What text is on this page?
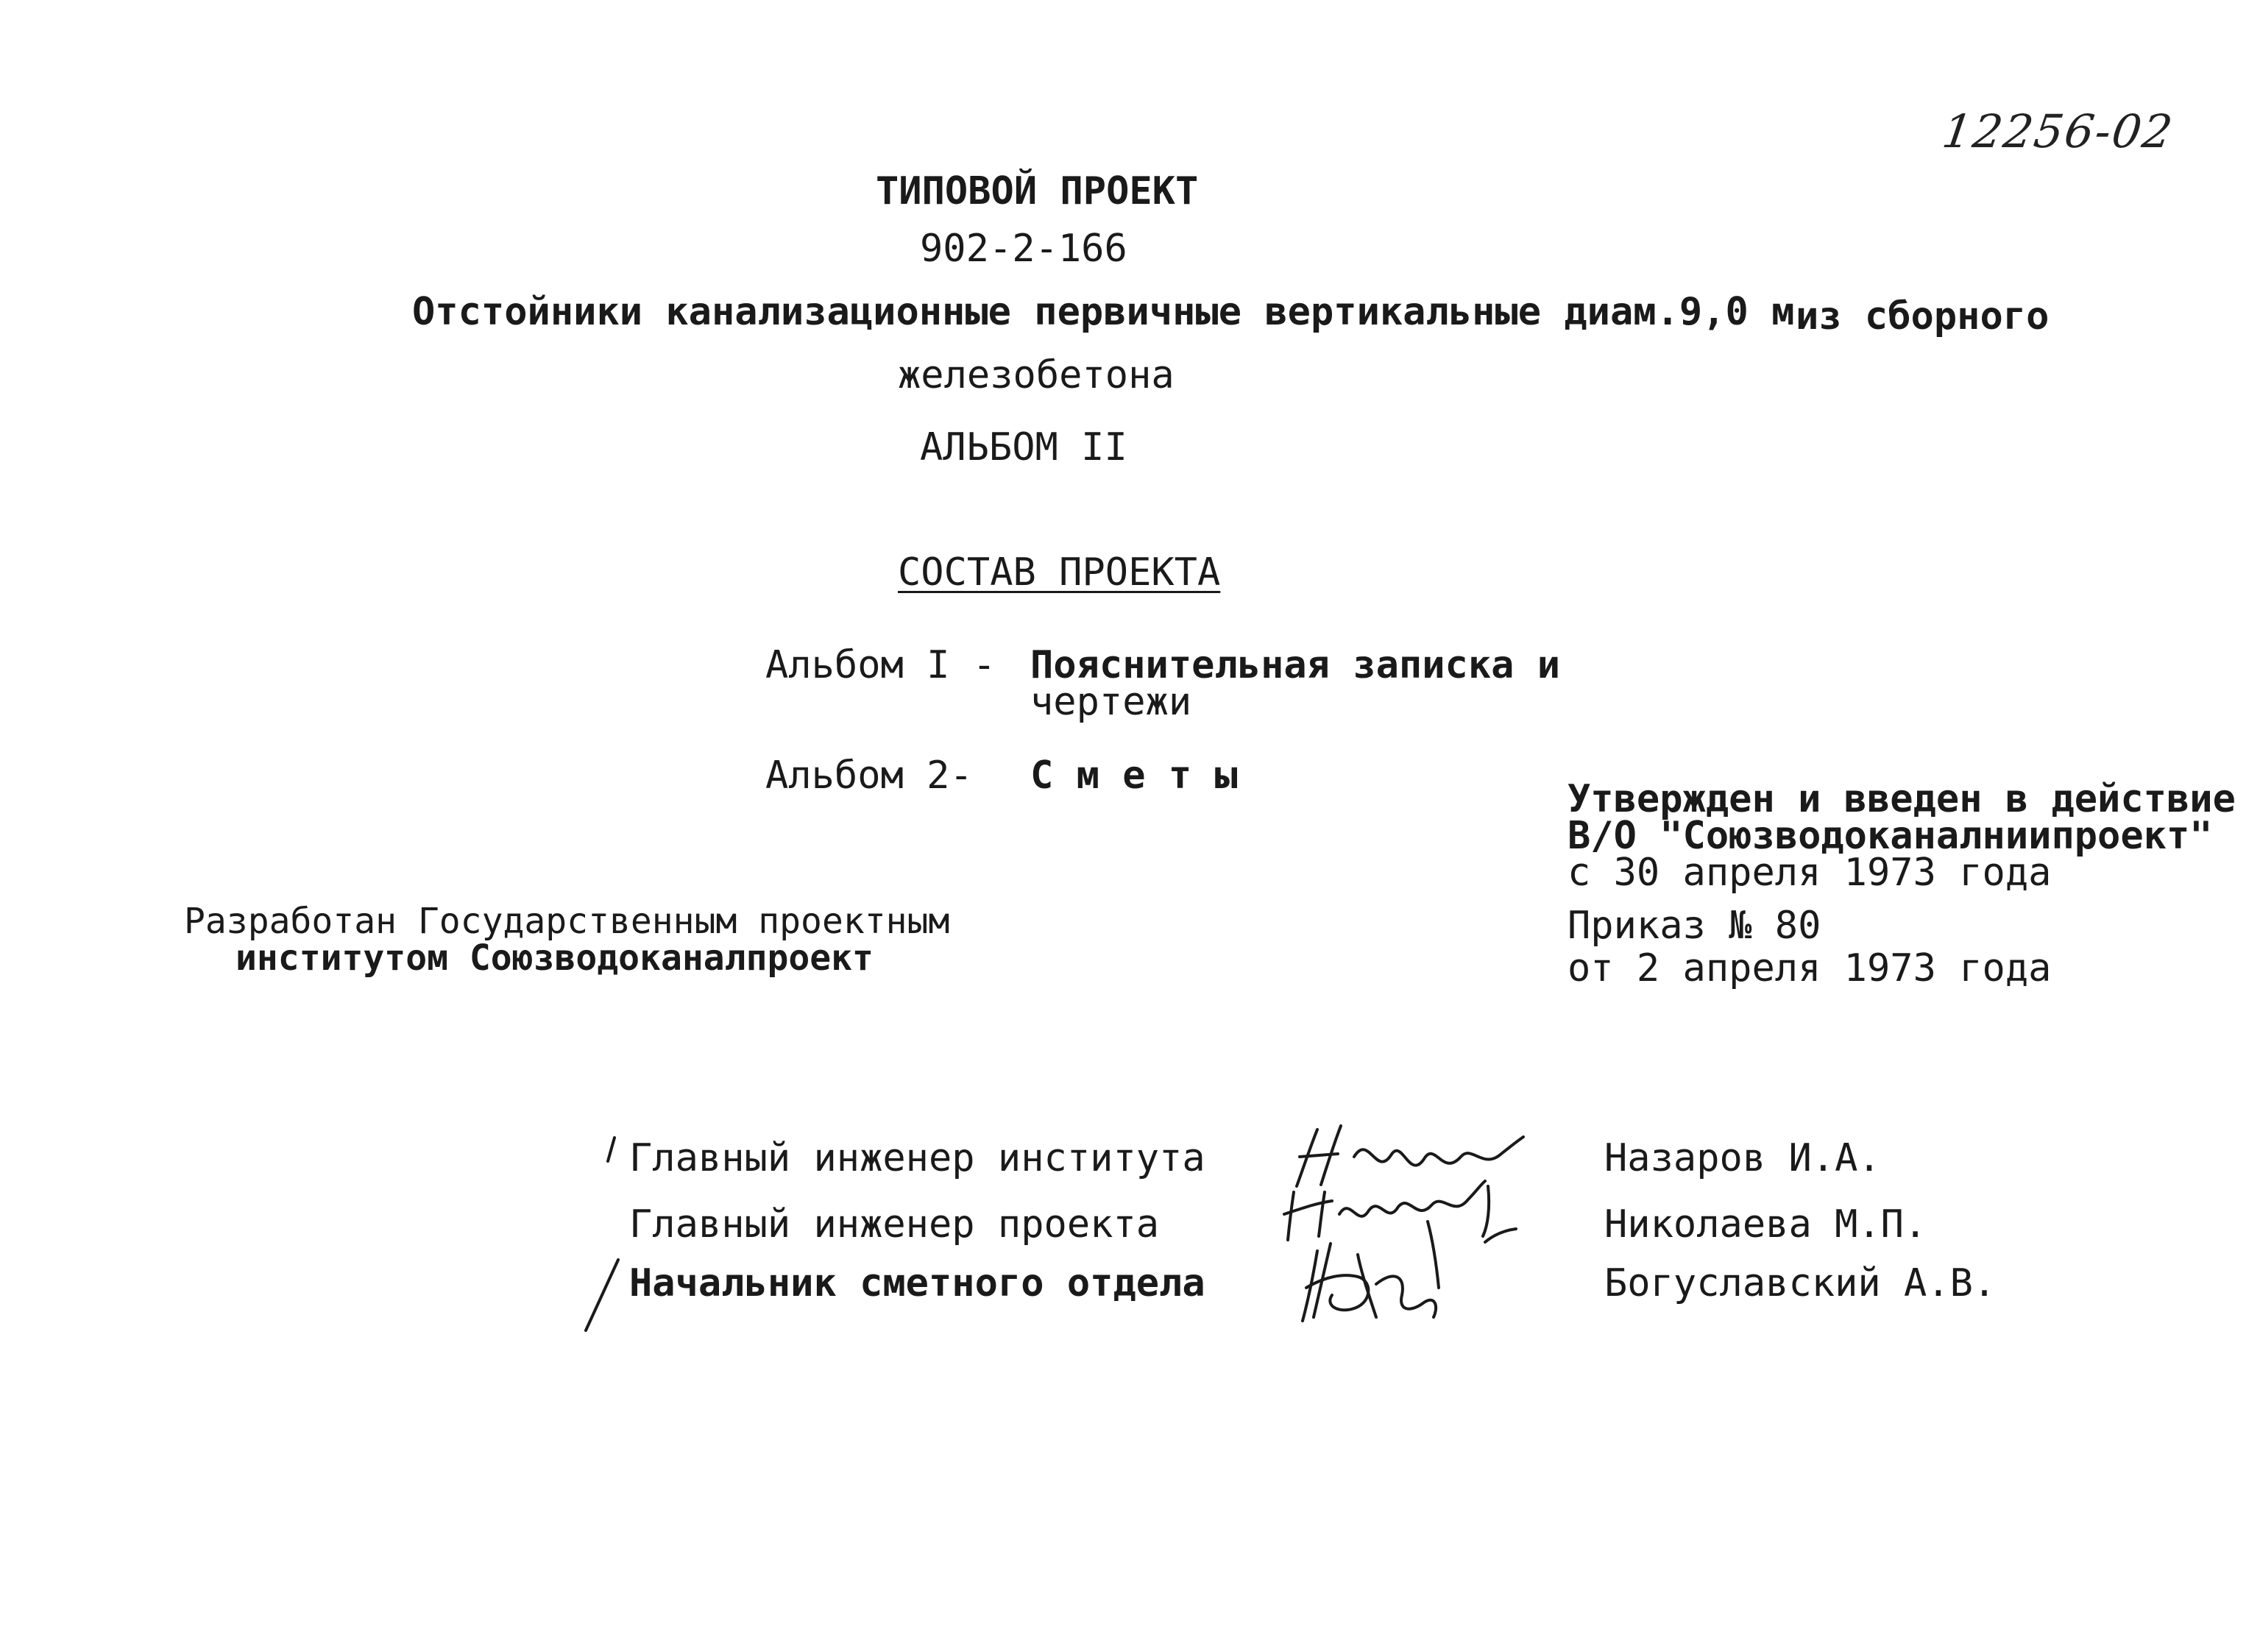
12256-02
ТИПОВОЙ ПРОЕКТ
902-2-166
Отстойники канализационные первичные вертикальные диам.9,0 м из сборного
железобетона
АЛЬБОМ II
СОСТАВ ПРОЕКТА
Альбом I - Пояснительная записка и
чертежи
Альбом 2- С м е т ы
Разработан Государственным проектным
институтом Союзводоканалпроект
Утвержден и введен в действие
В/О "Союзводоканалниипроект"
с 30 апреля 1973 года
Приказ № 80
от 2 апреля 1973 года
Главный инженер института
Главный инженер проекта
Начальник сметного отдела
Назаров И.А.
Николаева М.П.
Богуславский А.В.
